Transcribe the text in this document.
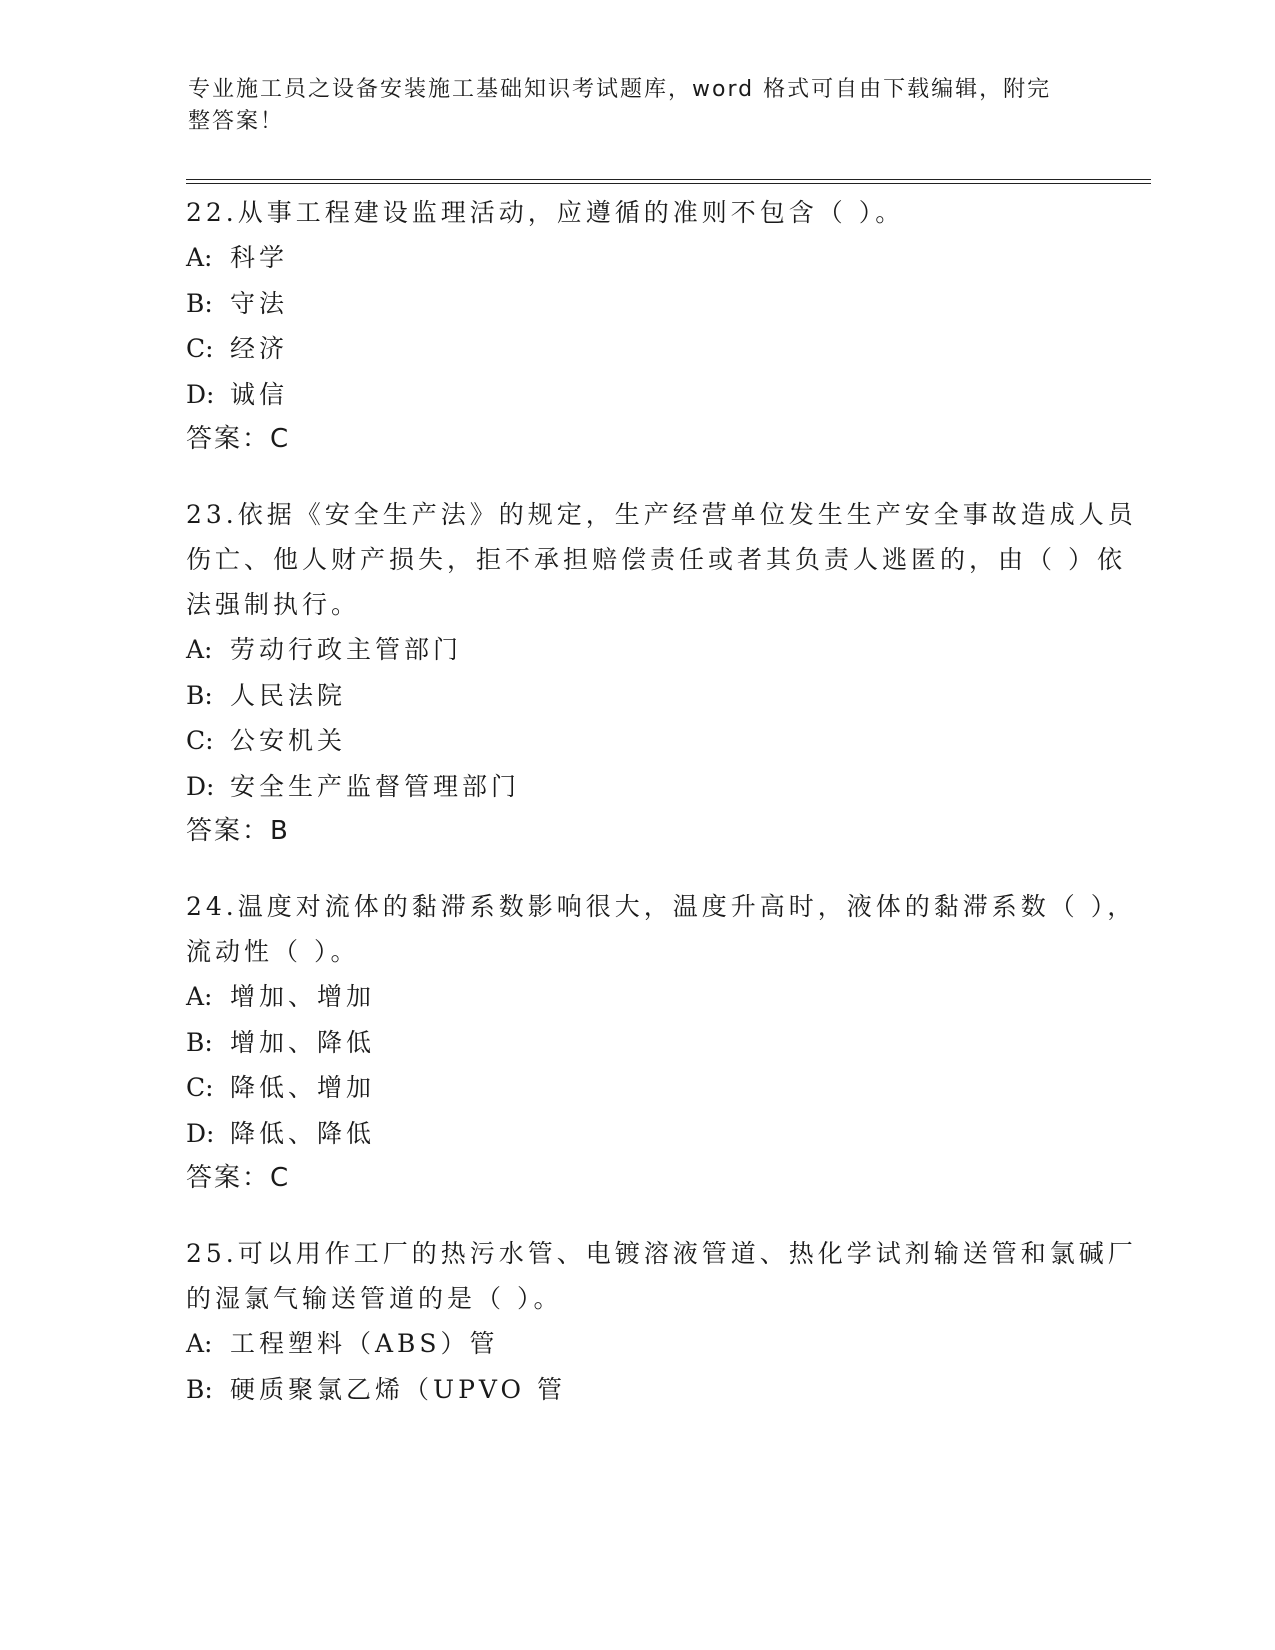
专业施工员之设备安装施工基础知识考试题库，word 格式可自由下载编辑，附完整答案！

22.从事工程建设监理活动，应遵循的准则不包含（ ）。

A: 科学
B: 守法
C: 经济
D: 诚信
答案：C

23.依据《安全生产法》的规定，生产经营单位发生生产安全事故造成人员伤亡、他人财产损失，拒不承担赔偿责任或者其负责人逃匿的，由（ ）依法强制执行。

A: 劳动行政主管部门
B: 人民法院
C: 公安机关
D: 安全生产监督管理部门
答案：B

24.温度对流体的黏滞系数影响很大，温度升高时，液体的黏滞系数（ ），流动性（ ）。

A: 增加、增加
B: 增加、降低
C: 降低、增加
D: 降低、降低
答案：C

25.可以用作工厂的热污水管、电镀溶液管道、热化学试剂输送管和氯碱厂的湿氯气输送管道的是（ ）。

A: 工程塑料（ABS）管
B: 硬质聚氯乙烯（UPVO 管
